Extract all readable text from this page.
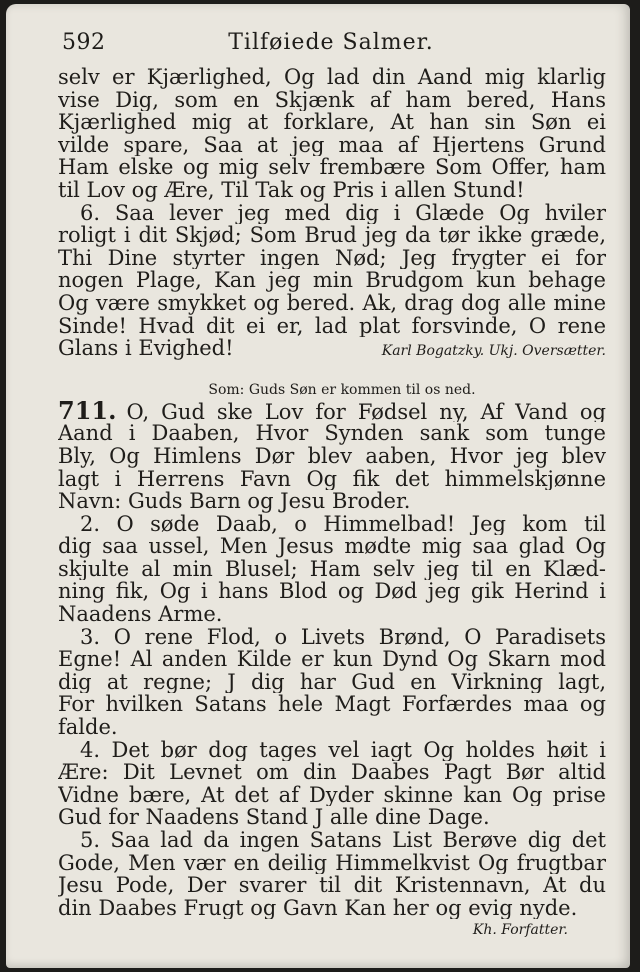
592	Tilføiede Salmer.
selv er Kjærlighed, Og lad din Aand mig klarlig
vise Dig, som en Skjænk af ham bered, Hans
Kjærlighed mig at forklare, At han sin Søn ei
vilde spare, Saa at jeg maa af Hjertens Grund
Ham elske og mig selv frembære Som Offer, ham
til Lov og Ære, Til Tak og Pris i allen Stund!
6. Saa lever jeg med dig i Glæde Og hviler
roligt i dit Skjød; Som Brud jeg da tør ikke græde,
Thi Dine styrter ingen Nød; Jeg frygter ei for
nogen Plage, Kan jeg min Brudgom kun behage
Og være smykket og bered. Ak, drag dog alle mine
Sinde! Hvad dit ei er, lad plat forsvinde, O rene
Glans i Evighed!	Karl Bogatzky. Ukj. Oversætter.
Som: Guds Søn er kommen til os ned.
711. O, Gud ske Lov for Fødsel ny, Af Vand og
Aand i Daaben, Hvor Synden sank som tunge
Bly, Og Himlens Dør blev aaben, Hvor jeg blev
lagt i Herrens Favn Og fik det himmelskjønne
Navn: Guds Barn og Jesu Broder.
2. O søde Daab, o Himmelbad! Jeg kom til
dig saa ussel, Men Jesus mødte mig saa glad Og
skjulte al min Blusel; Ham selv jeg til en Klæd-
ning fik, Og i hans Blod og Død jeg gik Herind i
Naadens Arme.
3. O rene Flod, o Livets Brønd, O Paradisets
Egne! Al anden Kilde er kun Dynd Og Skarn mod
dig at regne; J dig har Gud en Virkning lagt,
For hvilken Satans hele Magt Forfærdes maa og
falde.
4. Det bør dog tages vel iagt Og holdes høit i
Ære: Dit Levnet om din Daabes Pagt Bør altid
Vidne bære, At det af Dyder skinne kan Og prise
Gud for Naadens Stand J alle dine Dage.
5. Saa lad da ingen Satans List Berøve dig det
Gode, Men vær en deilig Himmelkvist Og frugtbar
Jesu Pode, Der svarer til dit Kristennavn, At du
din Daabes Frugt og Gavn Kan her og evig nyde.
Kh. Forfatter.
